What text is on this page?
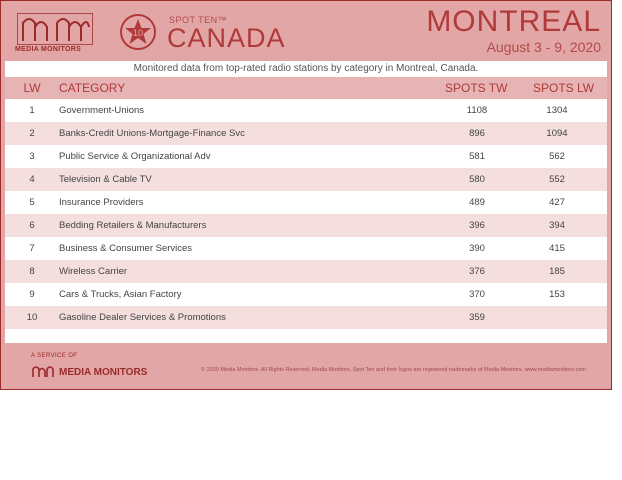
MEDIA MONITORS
10
SPOT TEN™
CANADA	MONTREAL
August 3 - 9, 2020
Monitored data from top-rated radio stations by category in Montreal, Canada.
LW CATEGORY	SPOTS TW SPOTS LW
1	Government-Unions	1108	1304
2	Banks-Credit Unions-Mortgage-Finance Svc	896	1094
3	Public Service & Organizational Adv	581	562
4	Television & Cable TV	580	552
5	Insurance Providers	489	427
6	Bedding Retailers & Manufacturers	396	394
7	Business & Consumer Services	390	415
8	Wireless Carrier	376	185
9	Cars & Trucks, Asian Factory	370	153
10 Gasoline Dealer Services & Promotions	359
A SERVICE OF
MEDIA MONITORS	© 2020 Media Monitors. All Rights Reserved. Media Monitors, Spot Ten and their logos are registered trademarks of Media Monitors. www.mediamonitors.com
